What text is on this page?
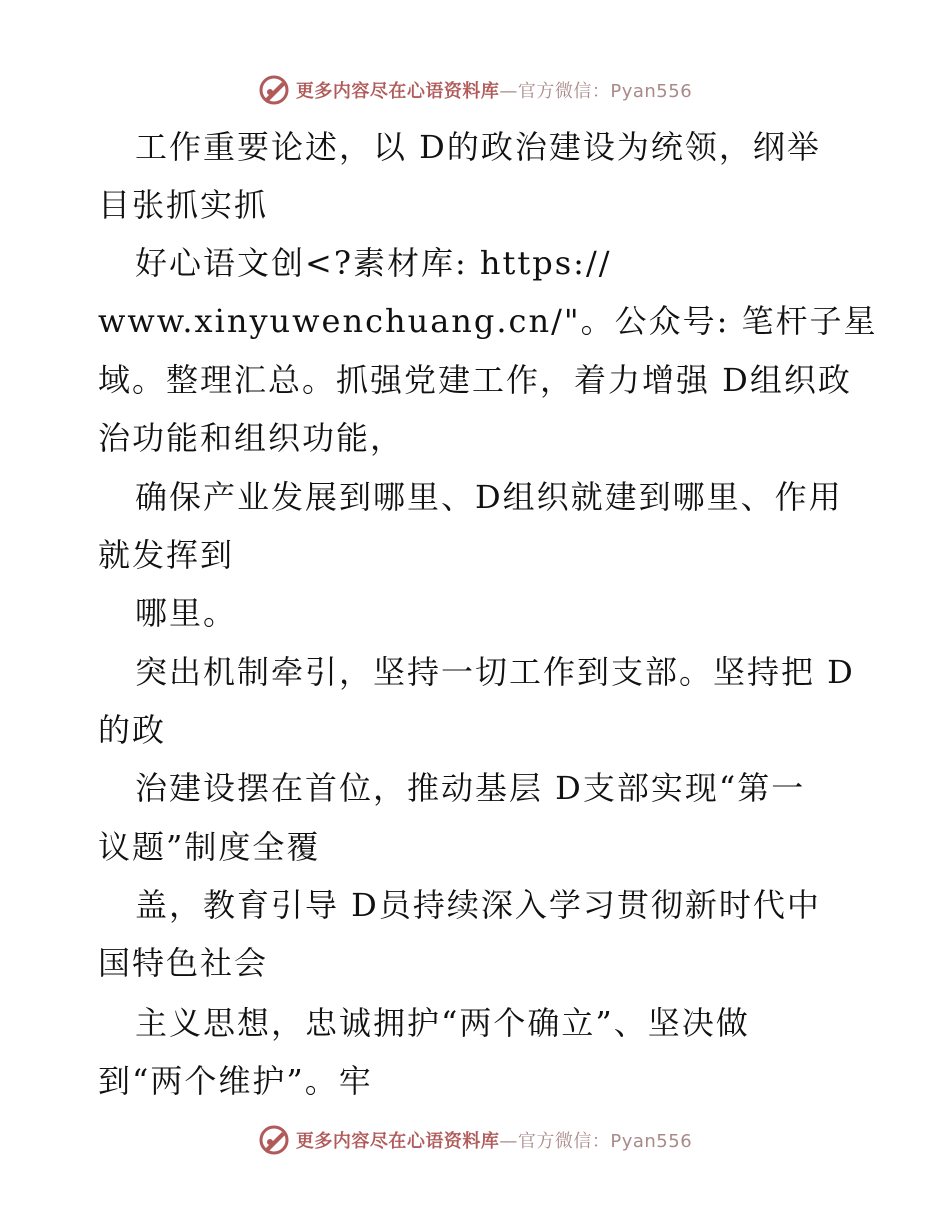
更多内容尽在心语资料库—官方微信：Pyan556
工作重要论述，以 D的政治建设为统领，纲举
目张抓实抓
好心语文创<?素材库: https://
www.xinyuwenchuang.cn/"。公众号: 笔杆子星
域。整理汇总。抓强党建工作，着力增强 D组织政
治功能和组织功能，
确保产业发展到哪里、D组织就建到哪里、作用
就发挥到
哪里。
突出机制牵引，坚持一切工作到支部。坚持把 D
的政
治建设摆在首位，推动基层 D支部实现“第一
议题”制度全覆
盖，教育引导 D员持续深入学习贯彻新时代中
国特色社会
主义思想，忠诚拥护“两个确立”、坚决做
到“两个维护”。牢
更多内容尽在心语资料库—官方微信：Pyan556
